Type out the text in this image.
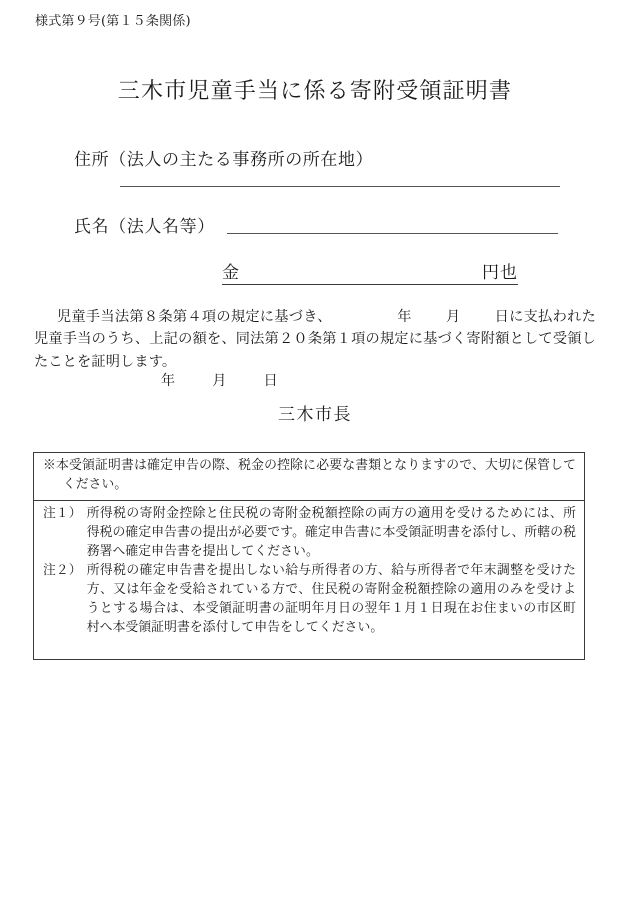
様式第９号(第１５条関係)
三木市児童手当に係る寄附受領証明書
住所（法人の主たる事務所の所在地）
氏名（法人名等）
金	円也
児童手当法第８条第４項の規定に基づき、	年 月 日に支払われた児童手当のうち、上記の額を、同法第２０条第１項の規定に基づく寄附額として受領したことを証明します。
年	月	日
三木市長
※本受領証明書は確定申告の際、税金の控除に必要な書類となりますので、大切に保管してください。
注１） 所得税の寄附金控除と住民税の寄附金税額控除の両方の適用を受けるためには、所得税の確定申告書の提出が必要です。確定申告書に本受領証明書を添付し、所轄の税務署へ確定申告書を提出してください。
注２） 所得税の確定申告書を提出しない給与所得者の方、給与所得者で年末調整を受けた方、又は年金を受給されている方で、住民税の寄附金税額控除の適用のみを受けようとする場合は、本受領証明書の証明年月日の翌年１月１日現在お住まいの市区町村へ本受領証明書を添付して申告をしてください。
